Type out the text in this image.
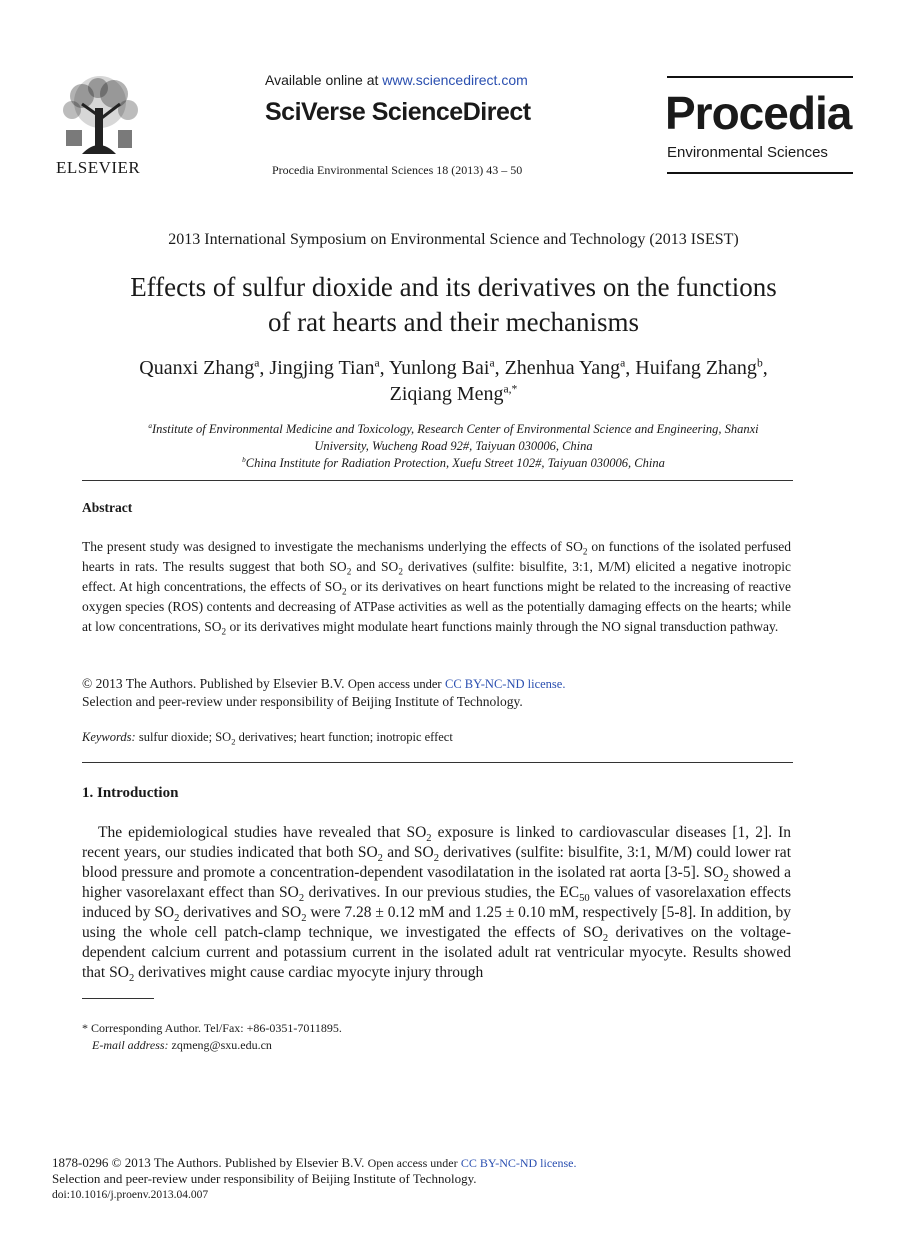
ELSEVIER
Available online at www.sciencedirect.com
SciVerse ScienceDirect
Procedia Environmental Sciences 18 (2013) 43 – 50
Procedia
Environmental Sciences
2013 International Symposium on Environmental Science and Technology (2013 ISEST)
Effects of sulfur dioxide and its derivatives on the functions
of rat hearts and their mechanisms
Quanxi Zhang$^a$, Jingjing Tian$^a$, Yunlong Bai$^a$, Zhenhua Yang$^a$, Huifang Zhang$^b$,
Ziqiang Meng$^{a,*}$
$^a$Institute of Environmental Medicine and Toxicology, Research Center of Environmental Science and Engineering, Shanxi
University, Wucheng Road 92#, Taiyuan 030006, China
$^b$China Institute for Radiation Protection, Xuefu Street 102#, Taiyuan 030006, China
Abstract
The present study was designed to investigate the mechanisms underlying the effects of $SO_2$ on functions of the isolated perfused hearts in rats. The results suggest that both $SO_2$ and $SO_2$ derivatives (sulfite: bisulfite, 3:1, M/M) elicited a negative inotropic effect. At high concentrations, the effects of $SO_2$ or its derivatives on heart functions might be related to the increasing of reactive oxygen species (ROS) contents and decreasing of ATPase activities as well as the potentially damaging effects on the hearts; while at low concentrations, $SO_2$ or its derivatives might modulate heart functions mainly through the NO signal transduction pathway.
© 2013 The Authors. Published by Elsevier B.V. Open access under CC BY-NC-ND license.
Selection and peer-review under responsibility of Beijing Institute of Technology.
Keywords: sulfur dioxide; $SO_2$ derivatives; heart function; inotropic effect
1. Introduction

The epidemiological studies have revealed that $SO_2$ exposure is linked to cardiovascular diseases [1, 2]. In recent years, our studies indicated that both $SO_2$ and $SO_2$ derivatives (sulfite: bisulfite, 3:1, M/M) could lower rat blood pressure and promote a concentration-dependent vasodilatation in the isolated rat aorta [3-5]. $SO_2$ showed a higher vasorelaxant effect than $SO_2$ derivatives. In our previous studies, the $EC_{50}$ values of vasorelaxation effects induced by $SO_2$ derivatives and $SO_2$ were 7.28 ± 0.12 mM and 1.25 ± 0.10 mM, respectively [5-8]. In addition, by using the whole cell patch-clamp technique, we investigated the effects of $SO_2$ derivatives on the voltage-dependent calcium current and potassium current in the isolated adult rat ventricular myocyte. Results showed that $SO_2$ derivatives might cause cardiac myocyte injury through

* Corresponding Author. Tel/Fax: +86-0351-7011895.
E-mail address: zqmeng@sxu.edu.cn
1878-0296 © 2013 The Authors. Published by Elsevier B.V. Open access under CC BY-NC-ND license.
Selection and peer-review under responsibility of Beijing Institute of Technology.
doi:10.1016/j.proenv.2013.04.007
